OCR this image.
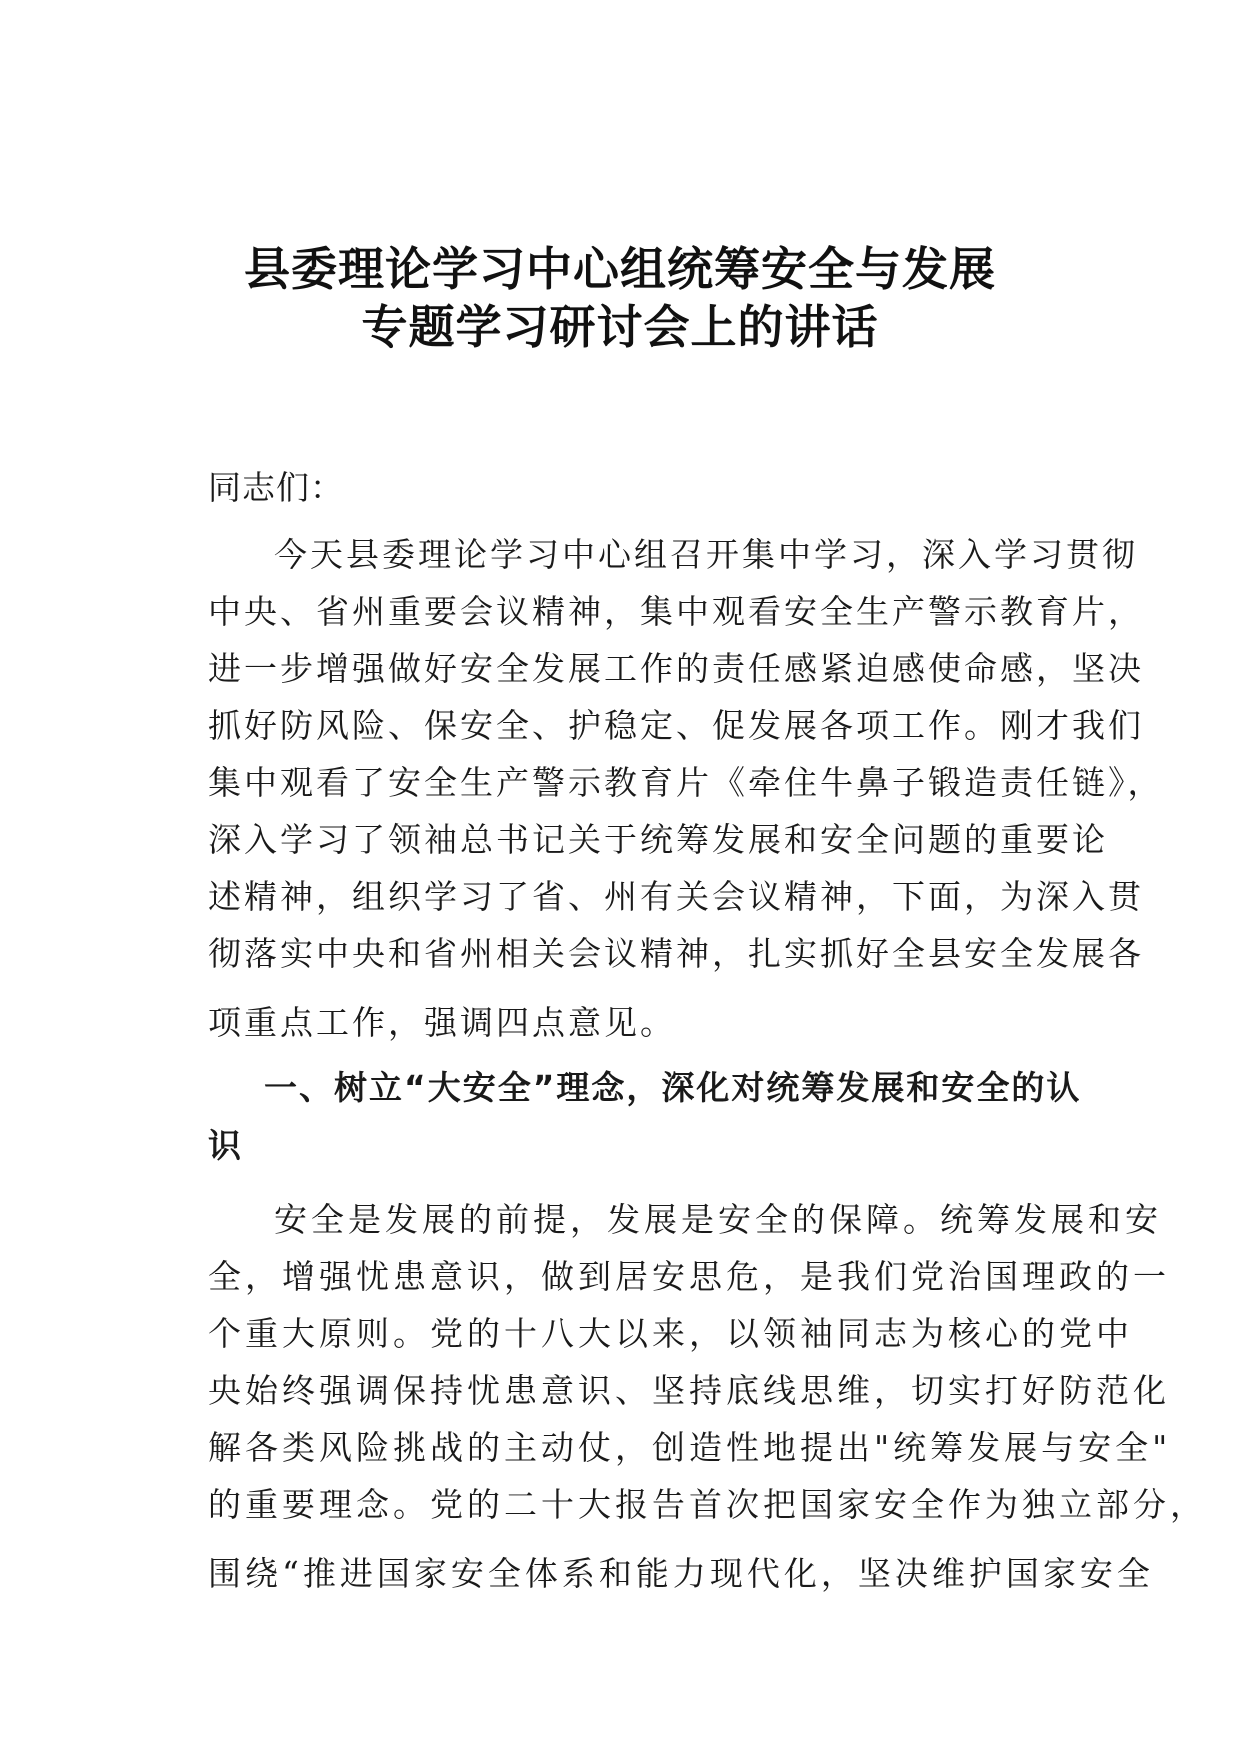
县委理论学习中心组统筹安全与发展
专题学习研讨会上的讲话
同志们：
今天县委理论学习中心组召开集中学习，深入学习贯彻
中央、省州重要会议精神，集中观看安全生产警示教育片，
进一步增强做好安全发展工作的责任感紧迫感使命感，坚决
抓好防风险、保安全、护稳定、促发展各项工作。刚才我们
集中观看了安全生产警示教育片《牵住牛鼻子锻造责任链》，
深入学习了领袖总书记关于统筹发展和安全问题的重要论
述精神，组织学习了省、州有关会议精神，下面，为深入贯
彻落实中央和省州相关会议精神，扎实抓好全县安全发展各
项重点工作，强调四点意见。
一、树立“大安全”理念，深化对统筹发展和安全的认
识
安全是发展的前提，发展是安全的保障。统筹发展和安
全，增强忧患意识，做到居安思危，是我们党治国理政的一
个重大原则。党的十八大以来，以领袖同志为核心的党中
央始终强调保持忧患意识、坚持底线思维，切实打好防范化
解各类风险挑战的主动仗，创造性地提出"统筹发展与安全"
的重要理念。党的二十大报告首次把国家安全作为独立部分，
围绕“推进国家安全体系和能力现代化，坚决维护国家安全
